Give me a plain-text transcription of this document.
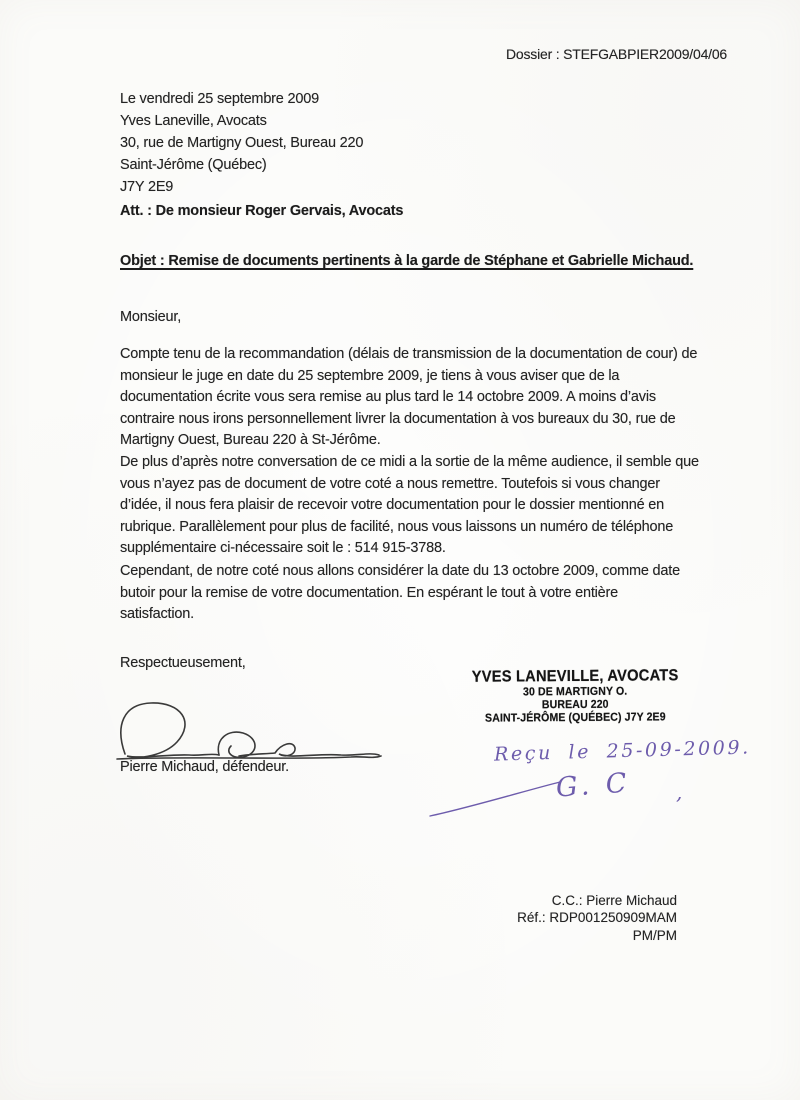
Dossier : STEFGABPIER2009/04/06
Le vendredi 25 septembre 2009
Yves Laneville, Avocats
30, rue de Martigny Ouest, Bureau 220
Saint-Jérôme (Québec)
J7Y 2E9
Att. : De monsieur Roger Gervais, Avocats
Objet : Remise de documents pertinents à la garde de Stéphane et Gabrielle Michaud.
Monsieur,
Compte tenu de la recommandation (délais de transmission de la documentation de cour) de
monsieur le juge en date du 25 septembre 2009, je tiens à vous aviser que de la
documentation écrite vous sera remise au plus tard le 14 octobre 2009. A moins d’avis
contraire nous irons personnellement livrer la documentation à vos bureaux du 30, rue de
Martigny Ouest, Bureau 220 à St-Jérôme.
De plus d’après notre conversation de ce midi a la sortie de la même audience, il semble que
vous n’ayez pas de document de votre coté a nous remettre. Toutefois si vous changer
d’idée, il nous fera plaisir de recevoir votre documentation pour le dossier mentionné en
rubrique. Parallèlement pour plus de facilité, nous vous laissons un numéro de téléphone
supplémentaire ci-nécessaire soit le : 514 915-3788.
Cependant, de notre coté nous allons considérer la date du 13 octobre 2009, comme date
butoir pour la remise de votre documentation. En espérant le tout à votre entière
satisfaction.
Respectueusement,
YVES LANEVILLE, AVOCATS
30 DE MARTIGNY O.
BUREAU 220
SAINT-JÉRÔME (QUÉBEC) J7Y 2E9
Pierre Michaud, défendeur.
Reçu le 25-09-2009.
G. C ,
C.C.: Pierre Michaud
Réf.: RDP001250909MAM
PM/PM
